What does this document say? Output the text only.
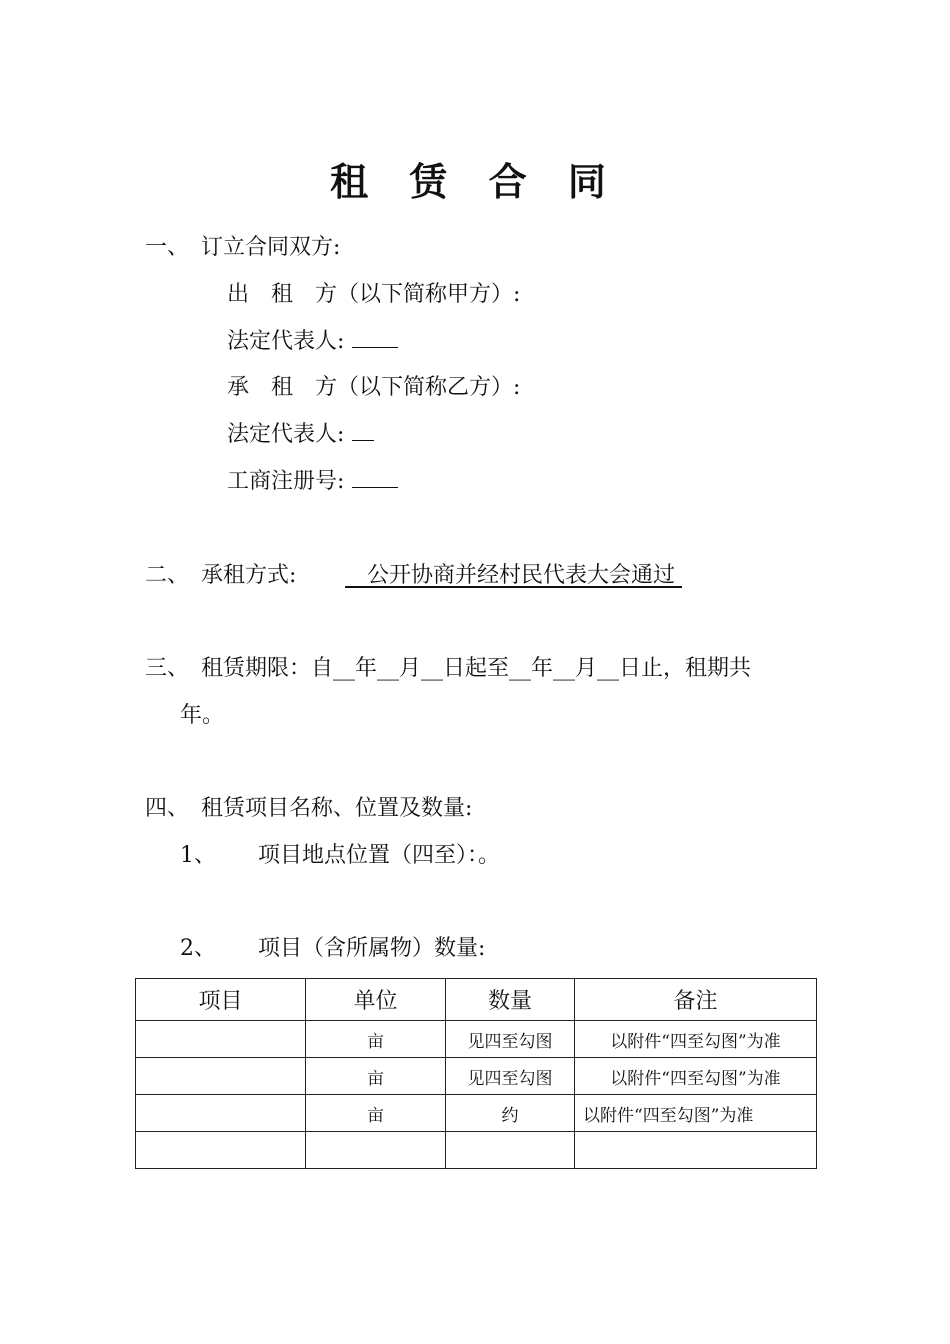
租 赁 合 同
一、 订立合同双方:
出　租　方（以下简称甲方）:
法定代表人:
承　租　方（以下简称乙方）:
法定代表人:
工商注册号:
二、 承租方式:　公开协商并经村民代表大会通过
三、 租赁期限：自__年__月__日起至__年__月__日止，租期共
年。
四、 租赁项目名称、位置及数量:
1、 项目地点位置（四至）：。
2、 项目（含所属物）数量:
项目	单位	数量	备注
	亩	见四至勾图	以附件“四至勾图”为准
	亩	见四至勾图	以附件“四至勾图”为准
	亩	约	以附件“四至勾图”为准
